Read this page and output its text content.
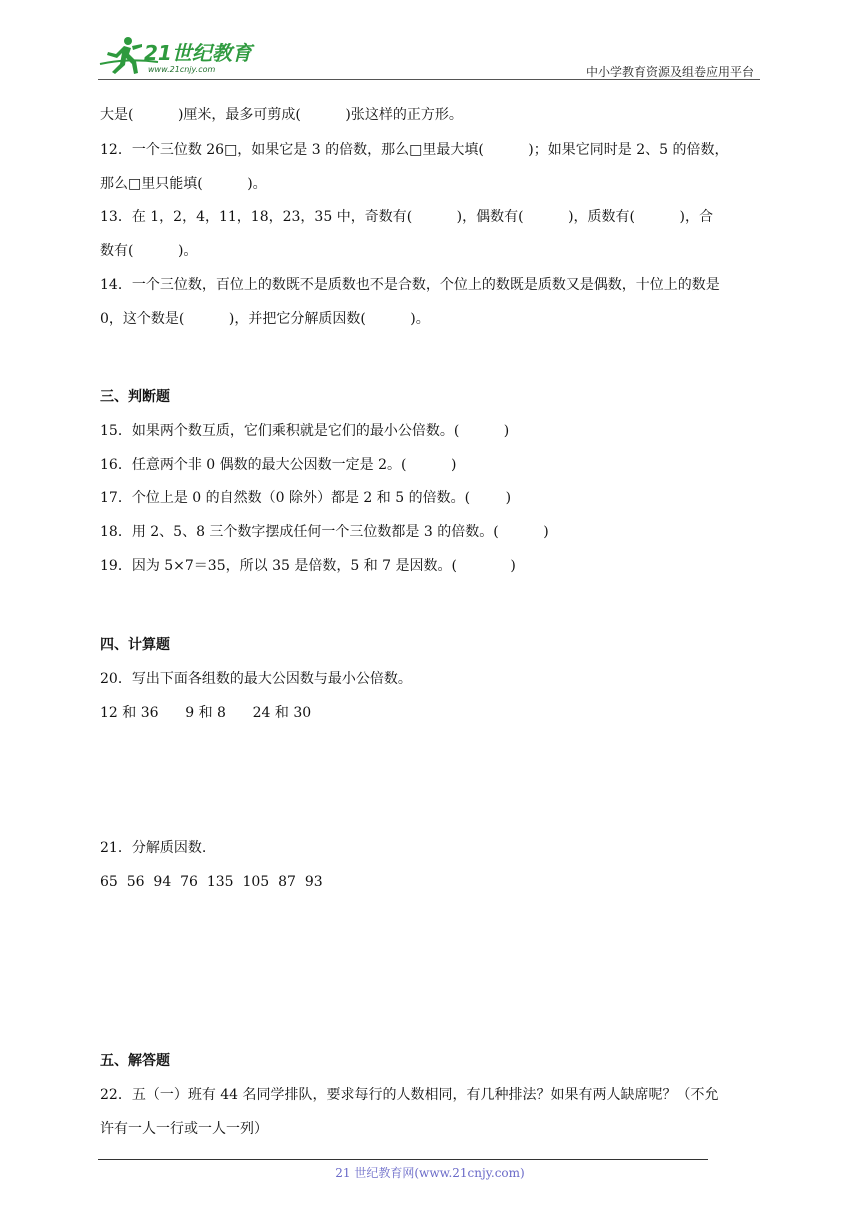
21世纪教育
www.21cnjy.com	中小学教育资源及组卷应用平台
大是(          )厘米，最多可剪成(          )张这样的正方形。
12．一个三位数 26□，如果它是 3 的倍数，那么□里最大填(          )；如果它同时是 2、5 的倍数，
那么□里只能填(          )。
13．在 1，2，4，11，18，23，35 中，奇数有(          )，偶数有(          )，质数有(          )，合
数有(          )。
14．一个三位数，百位上的数既不是质数也不是合数，个位上的数既是质数又是偶数，十位上的数是
0，这个数是(          )，并把它分解质因数(          )。
15．如果两个数互质，它们乘积就是它们的最小公倍数。(          )
16．任意两个非 0 偶数的最大公因数一定是 2。(          )
17．个位上是 0 的自然数（0 除外）都是 2 和 5 的倍数。(        )
18．用 2、5、8 三个数字摆成任何一个三位数都是 3 的倍数。(          )
19．因为 5×7＝35，所以 35 是倍数，5 和 7 是因数。(            )
20．写出下面各组数的最大公因数与最小公倍数。
12 和 36      9 和 8      24 和 30
21．分解质因数.
65  56  94  76  135  105  87  93
22．五（一）班有 44 名同学排队，要求每行的人数相同，有几种排法？如果有两人缺席呢？（不允
许有一人一行或一人一列）
三、判断题
四、计算题
五、解答题
21 世纪教育网(www.21cnjy.com)
